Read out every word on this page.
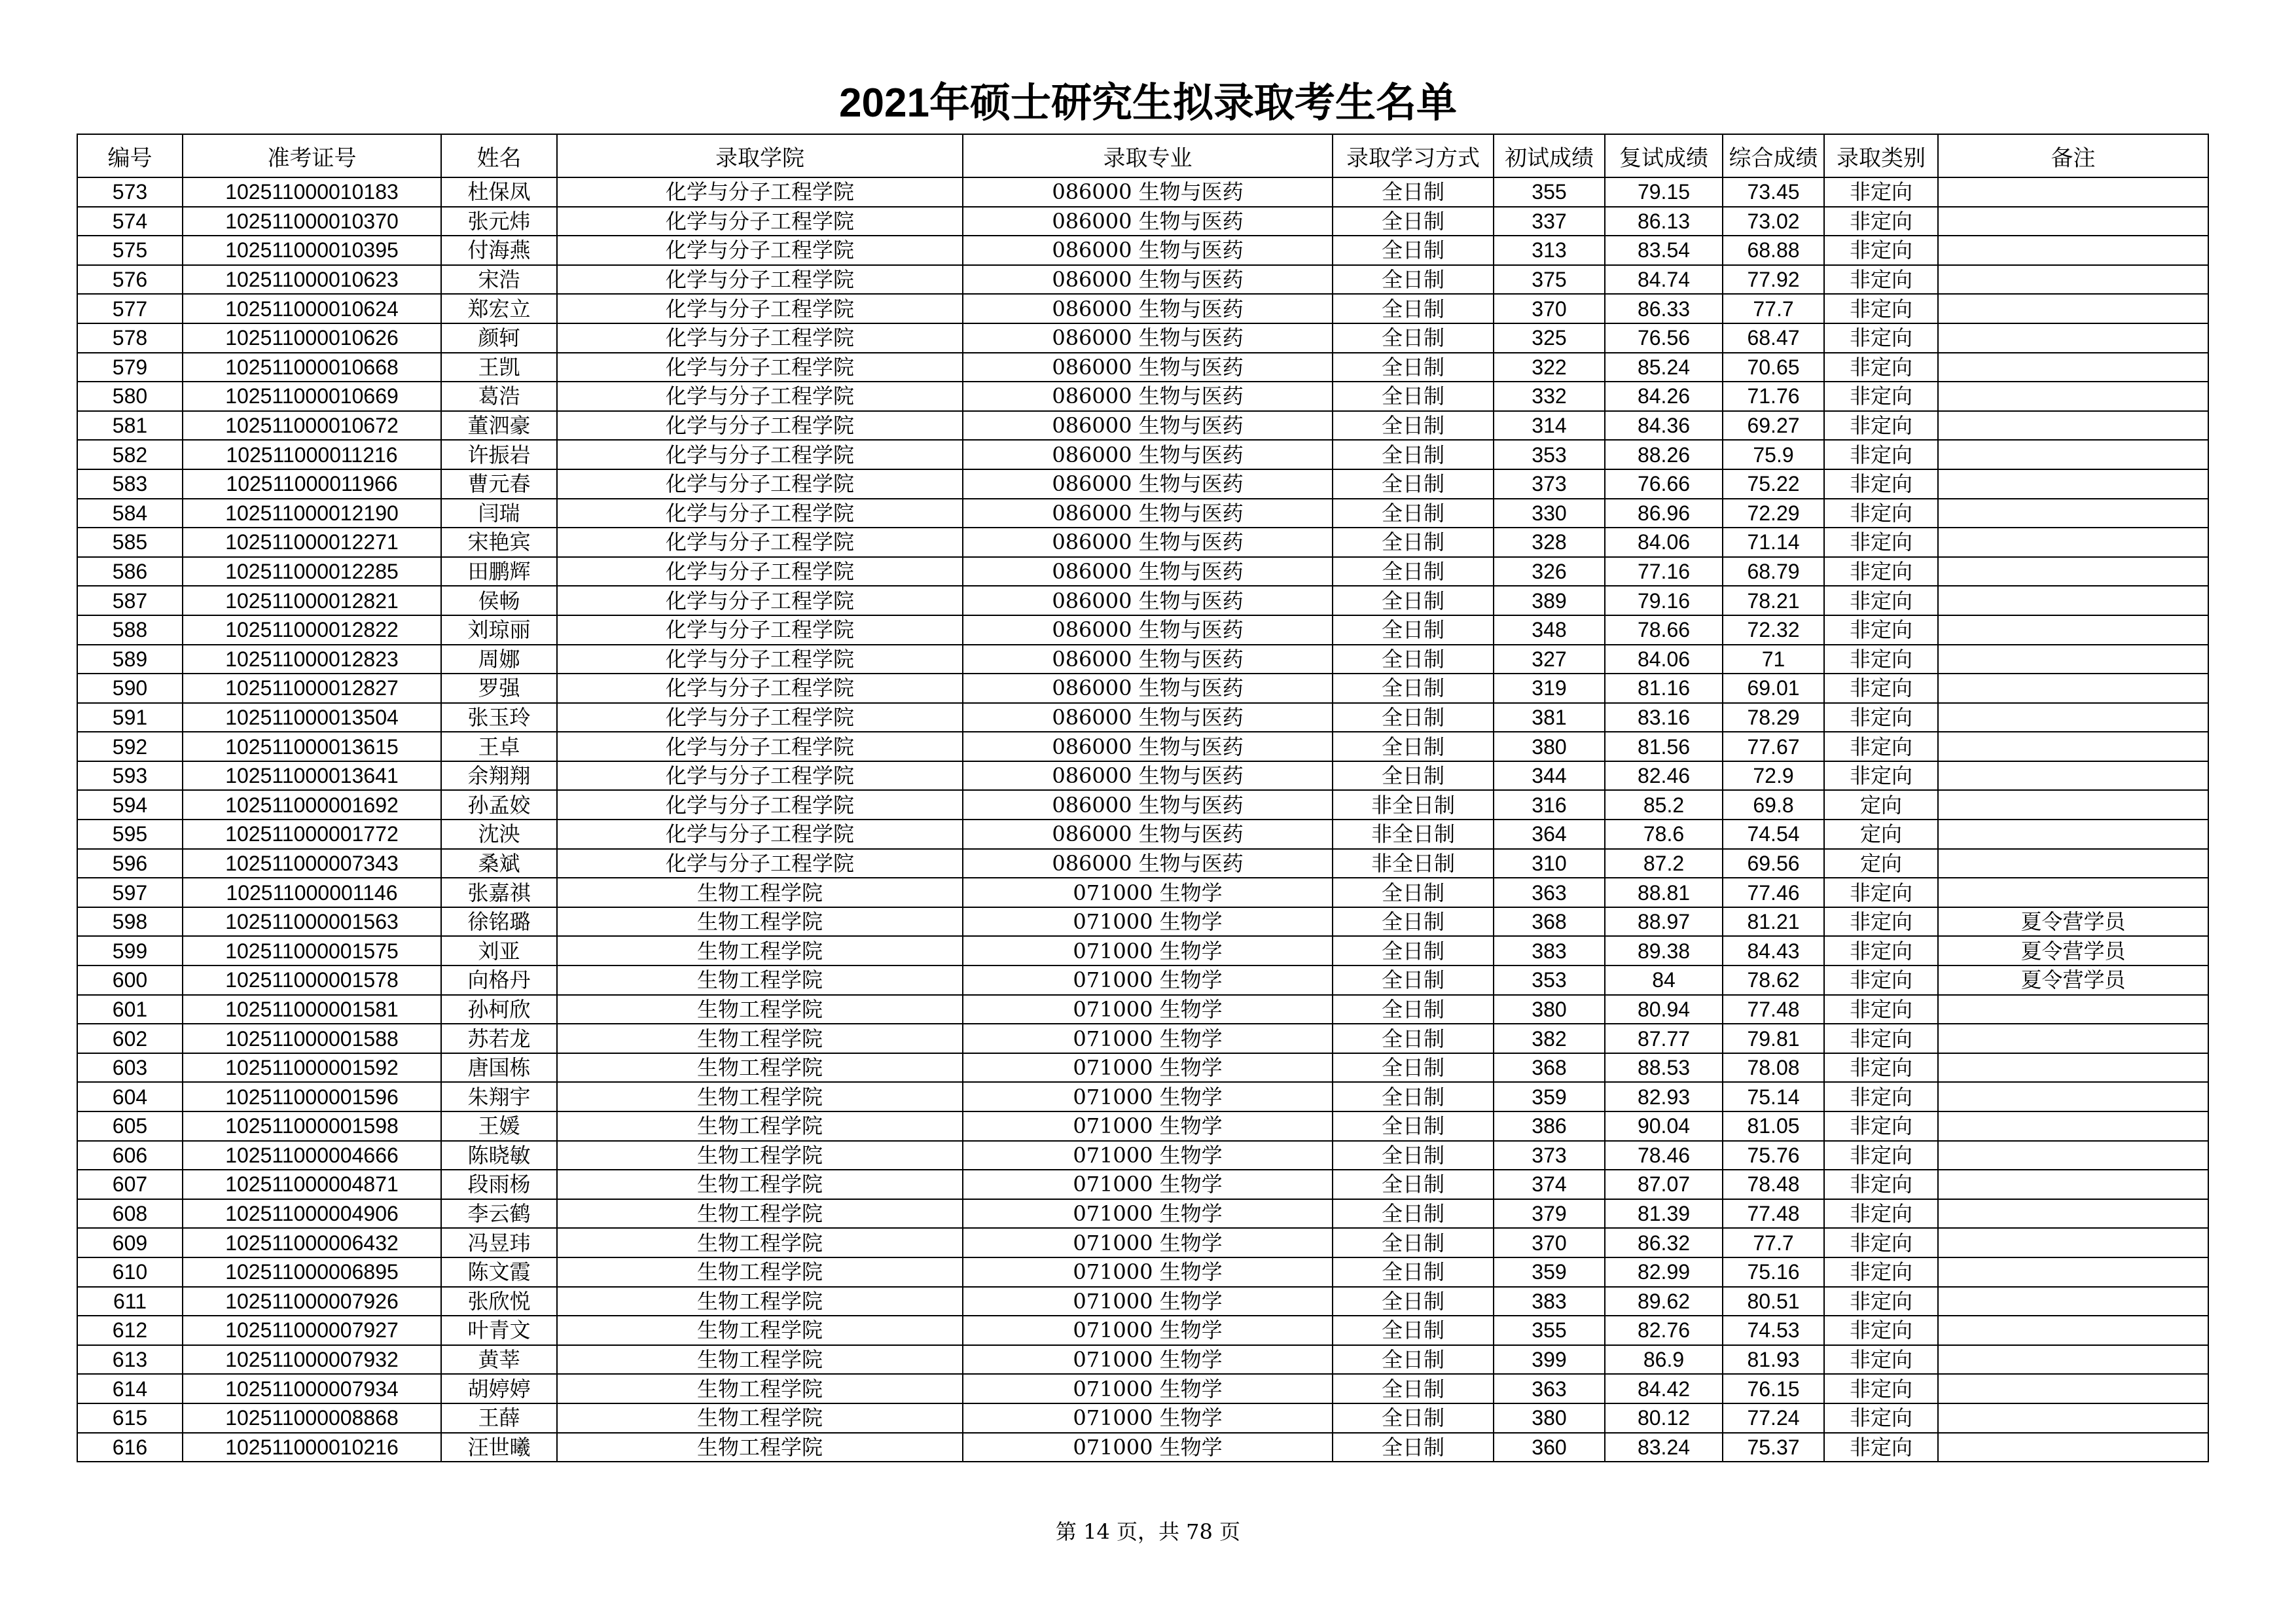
2021年硕士研究生拟录取考生名单
编号	准考证号	姓名	录取学院	录取专业	录取学习方式	初试成绩	复试成绩	综合成绩	录取类别	备注
573	102511000010183	杜保凤	化学与分子工程学院	086000 生物与医药	全日制	355	79.15	73.45	非定向	
574	102511000010370	张元炜	化学与分子工程学院	086000 生物与医药	全日制	337	86.13	73.02	非定向	
575	102511000010395	付海燕	化学与分子工程学院	086000 生物与医药	全日制	313	83.54	68.88	非定向	
576	102511000010623	宋浩	化学与分子工程学院	086000 生物与医药	全日制	375	84.74	77.92	非定向	
577	102511000010624	郑宏立	化学与分子工程学院	086000 生物与医药	全日制	370	86.33	77.7	非定向	
578	102511000010626	颜轲	化学与分子工程学院	086000 生物与医药	全日制	325	76.56	68.47	非定向	
579	102511000010668	王凯	化学与分子工程学院	086000 生物与医药	全日制	322	85.24	70.65	非定向	
580	102511000010669	葛浩	化学与分子工程学院	086000 生物与医药	全日制	332	84.26	71.76	非定向	
581	102511000010672	董泗豪	化学与分子工程学院	086000 生物与医药	全日制	314	84.36	69.27	非定向	
582	102511000011216	许振岩	化学与分子工程学院	086000 生物与医药	全日制	353	88.26	75.9	非定向	
583	102511000011966	曹元春	化学与分子工程学院	086000 生物与医药	全日制	373	76.66	75.22	非定向	
584	102511000012190	闫瑞	化学与分子工程学院	086000 生物与医药	全日制	330	86.96	72.29	非定向	
585	102511000012271	宋艳宾	化学与分子工程学院	086000 生物与医药	全日制	328	84.06	71.14	非定向	
586	102511000012285	田鹏辉	化学与分子工程学院	086000 生物与医药	全日制	326	77.16	68.79	非定向	
587	102511000012821	侯畅	化学与分子工程学院	086000 生物与医药	全日制	389	79.16	78.21	非定向	
588	102511000012822	刘琼丽	化学与分子工程学院	086000 生物与医药	全日制	348	78.66	72.32	非定向	
589	102511000012823	周娜	化学与分子工程学院	086000 生物与医药	全日制	327	84.06	71	非定向	
590	102511000012827	罗强	化学与分子工程学院	086000 生物与医药	全日制	319	81.16	69.01	非定向	
591	102511000013504	张玉玲	化学与分子工程学院	086000 生物与医药	全日制	381	83.16	78.29	非定向	
592	102511000013615	王卓	化学与分子工程学院	086000 生物与医药	全日制	380	81.56	77.67	非定向	
593	102511000013641	余翔翔	化学与分子工程学院	086000 生物与医药	全日制	344	82.46	72.9	非定向	
594	102511000001692	孙孟姣	化学与分子工程学院	086000 生物与医药	非全日制	316	85.2	69.8	定向	
595	102511000001772	沈泱	化学与分子工程学院	086000 生物与医药	非全日制	364	78.6	74.54	定向	
596	102511000007343	桑斌	化学与分子工程学院	086000 生物与医药	非全日制	310	87.2	69.56	定向	
597	102511000001146	张嘉祺	生物工程学院	071000 生物学	全日制	363	88.81	77.46	非定向	
598	102511000001563	徐铭璐	生物工程学院	071000 生物学	全日制	368	88.97	81.21	非定向	夏令营学员
599	102511000001575	刘亚	生物工程学院	071000 生物学	全日制	383	89.38	84.43	非定向	夏令营学员
600	102511000001578	向格丹	生物工程学院	071000 生物学	全日制	353	84	78.62	非定向	夏令营学员
601	102511000001581	孙柯欣	生物工程学院	071000 生物学	全日制	380	80.94	77.48	非定向	
602	102511000001588	苏若龙	生物工程学院	071000 生物学	全日制	382	87.77	79.81	非定向	
603	102511000001592	唐国栋	生物工程学院	071000 生物学	全日制	368	88.53	78.08	非定向	
604	102511000001596	朱翔宇	生物工程学院	071000 生物学	全日制	359	82.93	75.14	非定向	
605	102511000001598	王媛	生物工程学院	071000 生物学	全日制	386	90.04	81.05	非定向	
606	102511000004666	陈晓敏	生物工程学院	071000 生物学	全日制	373	78.46	75.76	非定向	
607	102511000004871	段雨杨	生物工程学院	071000 生物学	全日制	374	87.07	78.48	非定向	
608	102511000004906	李云鹤	生物工程学院	071000 生物学	全日制	379	81.39	77.48	非定向	
609	102511000006432	冯昱玮	生物工程学院	071000 生物学	全日制	370	86.32	77.7	非定向	
610	102511000006895	陈文霞	生物工程学院	071000 生物学	全日制	359	82.99	75.16	非定向	
611	102511000007926	张欣悦	生物工程学院	071000 生物学	全日制	383	89.62	80.51	非定向	
612	102511000007927	叶青文	生物工程学院	071000 生物学	全日制	355	82.76	74.53	非定向	
613	102511000007932	黄莘	生物工程学院	071000 生物学	全日制	399	86.9	81.93	非定向	
614	102511000007934	胡婷婷	生物工程学院	071000 生物学	全日制	363	84.42	76.15	非定向	
615	102511000008868	王薛	生物工程学院	071000 生物学	全日制	380	80.12	77.24	非定向	
616	102511000010216	汪世曦	生物工程学院	071000 生物学	全日制	360	83.24	75.37	非定向	
第 14 页，共 78 页
